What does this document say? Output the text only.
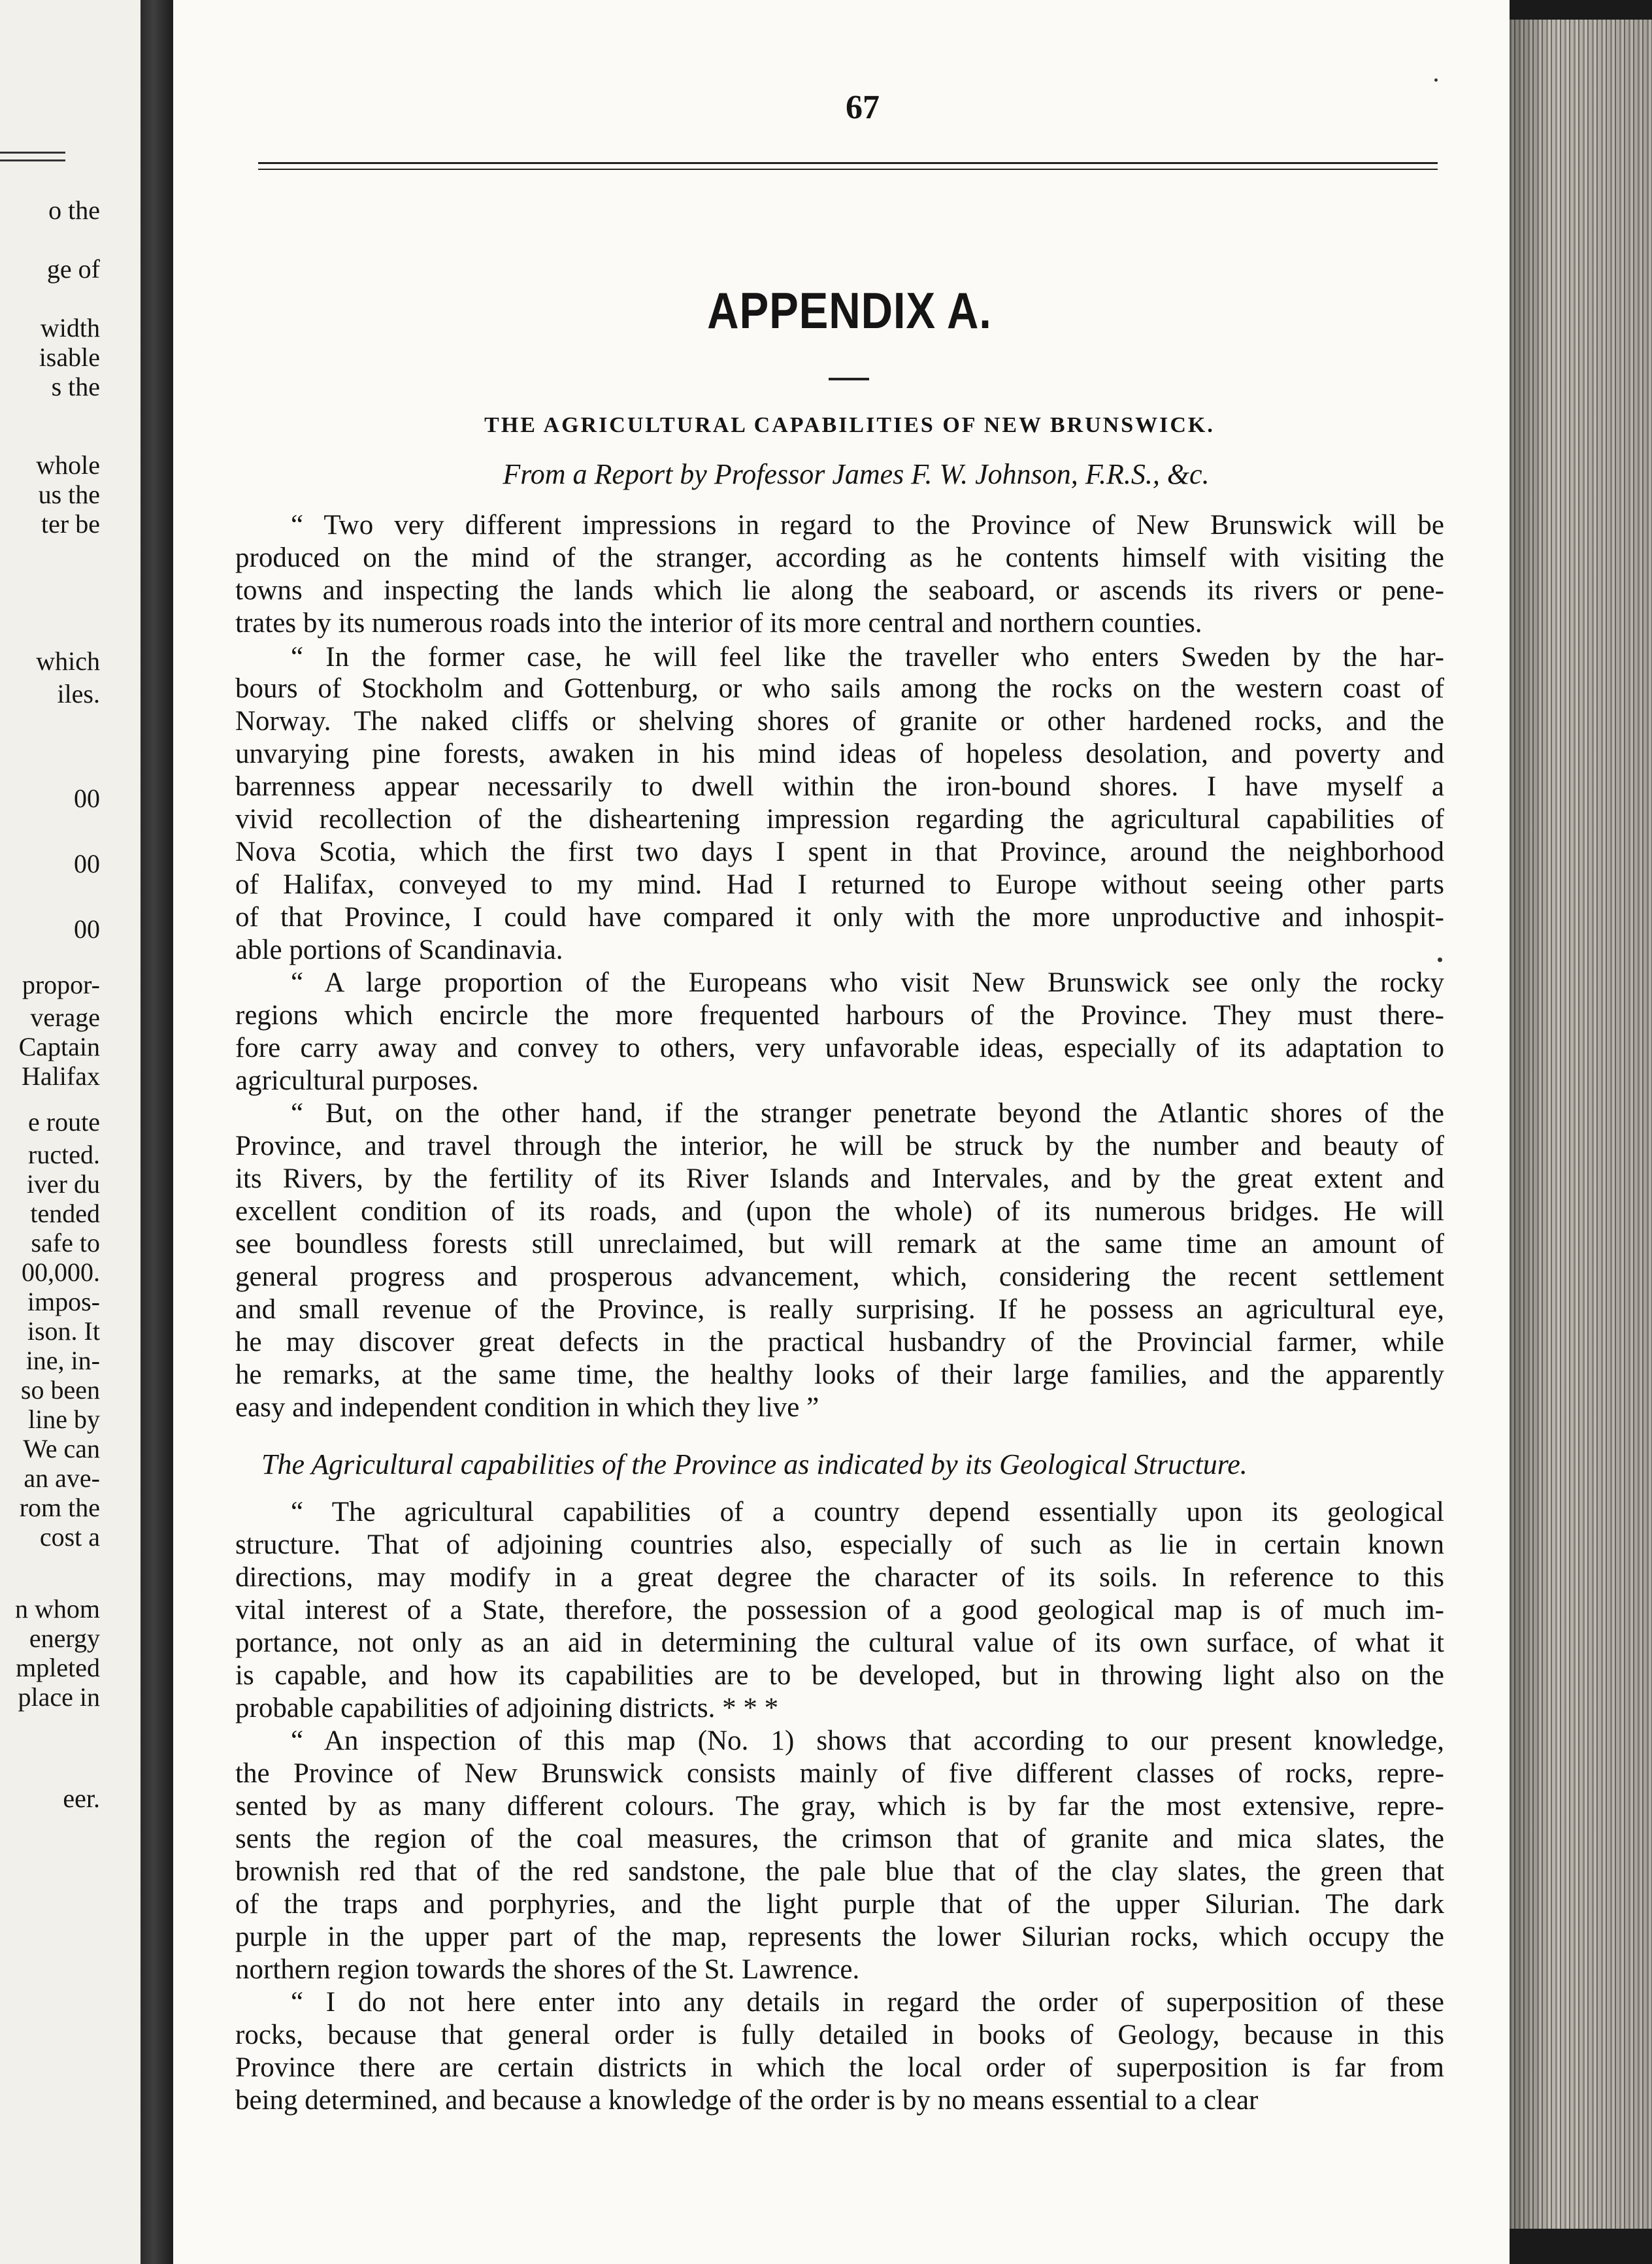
o the
ge of
width
isable
s the
whole
us the
ter be
which
iles.
00
00
00
propor-
verage
Captain
Halifax
e route
ructed.
iver du
tended
safe to
00,000.
impos-
ison. It
ine, in-
so been
line by
We can
an ave-
rom the
cost a
n whom
energy
mpleted
place in
eer.
67
APPENDIX A.
THE AGRICULTURAL CAPABILITIES OF NEW BRUNSWICK.
From a Report by Professor James F. W. Johnson, F.R.S., &c.
“ Two very different impressions in regard to the Province of New Brunswick will be
produced on the mind of the stranger, according as he contents himself with visiting the
towns and inspecting the lands which lie along the seaboard, or ascends its rivers or pene-
trates by its numerous roads into the interior of its more central and northern counties.
“ In the former case, he will feel like the traveller who enters Sweden by the har-
bours of Stockholm and Gottenburg, or who sails among the rocks on the western coast of
Norway. The naked cliffs or shelving shores of granite or other hardened rocks, and the
unvarying pine forests, awaken in his mind ideas of hopeless desolation, and poverty and
barrenness appear necessarily to dwell within the iron-bound shores. I have myself a
vivid recollection of the disheartening impression regarding the agricultural capabilities of
Nova Scotia, which the first two days I spent in that Province, around the neighborhood
of Halifax, conveyed to my mind. Had I returned to Europe without seeing other parts
of that Province, I could have compared it only with the more unproductive and inhospit-
able portions of Scandinavia.
“ A large proportion of the Europeans who visit New Brunswick see only the rocky
regions which encircle the more frequented harbours of the Province. They must there-
fore carry away and convey to others, very unfavorable ideas, especially of its adaptation to
agricultural purposes.
“ But, on the other hand, if the stranger penetrate beyond the Atlantic shores of the
Province, and travel through the interior, he will be struck by the number and beauty of
its Rivers, by the fertility of its River Islands and Intervales, and by the great extent and
excellent condition of its roads, and (upon the whole) of its numerous bridges. He will
see boundless forests still unreclaimed, but will remark at the same time an amount of
general progress and prosperous advancement, which, considering the recent settlement
and small revenue of the Province, is really surprising. If he possess an agricultural eye,
he may discover great defects in the practical husbandry of the Provincial farmer, while
he remarks, at the same time, the healthy looks of their large families, and the apparently
easy and independent condition in which they live ”
“ The agricultural capabilities of a country depend essentially upon its geological
structure. That of adjoining countries also, especially of such as lie in certain known
directions, may modify in a great degree the character of its soils. In reference to this
vital interest of a State, therefore, the possession of a good geological map is of much im-
portance, not only as an aid in determining the cultural value of its own surface, of what it
is capable, and how its capabilities are to be developed, but in throwing light also on the
probable capabilities of adjoining districts. * * *
“ An inspection of this map (No. 1) shows that according to our present knowledge,
the Province of New Brunswick consists mainly of five different classes of rocks, repre-
sented by as many different colours. The gray, which is by far the most extensive, repre-
sents the region of the coal measures, the crimson that of granite and mica slates, the
brownish red that of the red sandstone, the pale blue that of the clay slates, the green that
of the traps and porphyries, and the light purple that of the upper Silurian. The dark
purple in the upper part of the map, represents the lower Silurian rocks, which occupy the
northern region towards the shores of the St. Lawrence.
“ I do not here enter into any details in regard the order of superposition of these
rocks, because that general order is fully detailed in books of Geology, because in this
Province there are certain districts in which the local order of superposition is far from
being determined, and because a knowledge of the order is by no means essential to a clear
The Agricultural capabilities of the Province as indicated by its Geological Structure.
